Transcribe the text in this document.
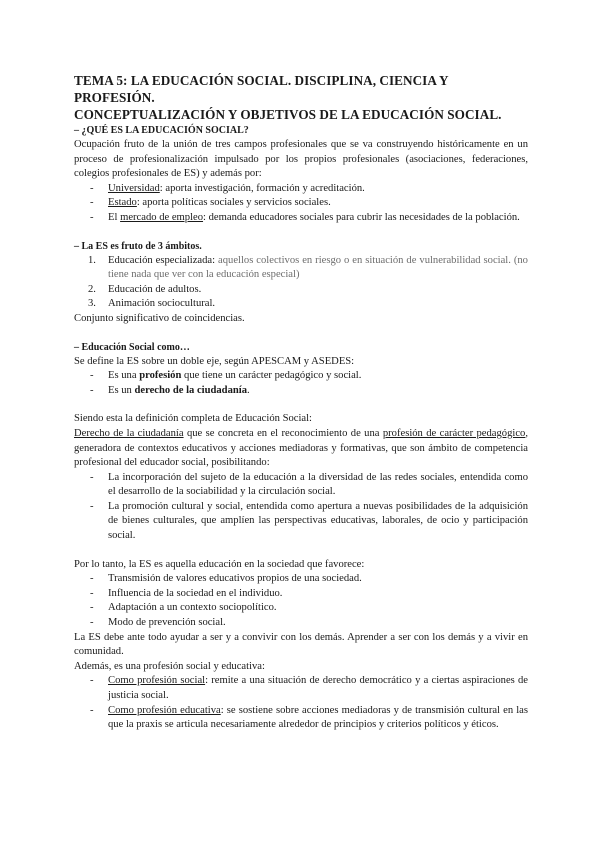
TEMA 5: LA EDUCACIÓN SOCIAL. DISCIPLINA, CIENCIA Y PROFESIÓN.
CONCEPTUALIZACIÓN Y OBJETIVOS DE LA EDUCACIÓN SOCIAL.
– ¿QUÉ ES LA EDUCACIÓN SOCIAL?

Ocupación fruto de la unión de tres campos profesionales que se va construyendo históricamente en un proceso de profesionalización impulsado por los propios profesionales (asociaciones, federaciones, colegios profesionales de ES) y además por:

- Universidad: aporta investigación, formación y acreditación.
- Estado: aporta políticas sociales y servicios sociales.
- El mercado de empleo: demanda educadores sociales para cubrir las necesidades de la población.
– La ES es fruto de 3 ámbitos.
1. Educación especializada: aquellos colectivos en riesgo o en situación de vulnerabilidad social. (no tiene nada que ver con la educación especial)
2. Educación de adultos.
3. Animación sociocultural.

Conjunto significativo de coincidencias.

– Educación Social como…

Se define la ES sobre un doble eje, según APESCAM y ASEDES:

- Es una profesión que tiene un carácter pedagógico y social.
- Es un derecho de la ciudadanía.

Siendo esta la definición completa de Educación Social:

Derecho de la ciudadanía que se concreta en el reconocimiento de una profesión de carácter pedagógico, generadora de contextos educativos y acciones mediadoras y formativas, que son ámbito de competencia profesional del educador social, posibilitando:

- La incorporación del sujeto de la educación a la diversidad de las redes sociales, entendida como el desarrollo de la sociabilidad y la circulación social.
- La promoción cultural y social, entendida como apertura a nuevas posibilidades de la adquisición de bienes culturales, que amplíen las perspectivas educativas, laborales, de ocio y participación social.

Por lo tanto, la ES es aquella educación en la sociedad que favorece:

- Transmisión de valores educativos propios de una sociedad.
- Influencia de la sociedad en el individuo.
- Adaptación a un contexto sociopolítico.
- Modo de prevención social.

La ES debe ante todo ayudar a ser y a convivir con los demás. Aprender a ser con los demás y a vivir en comunidad.

Además, es una profesión social y educativa:

- Como profesión social: remite a una situación de derecho democrático y a ciertas aspiraciones de justicia social.
- Como profesión educativa: se sostiene sobre acciones mediadoras y de transmisión cultural en las que la praxis se articula necesariamente alrededor de principios y criterios políticos y éticos.
